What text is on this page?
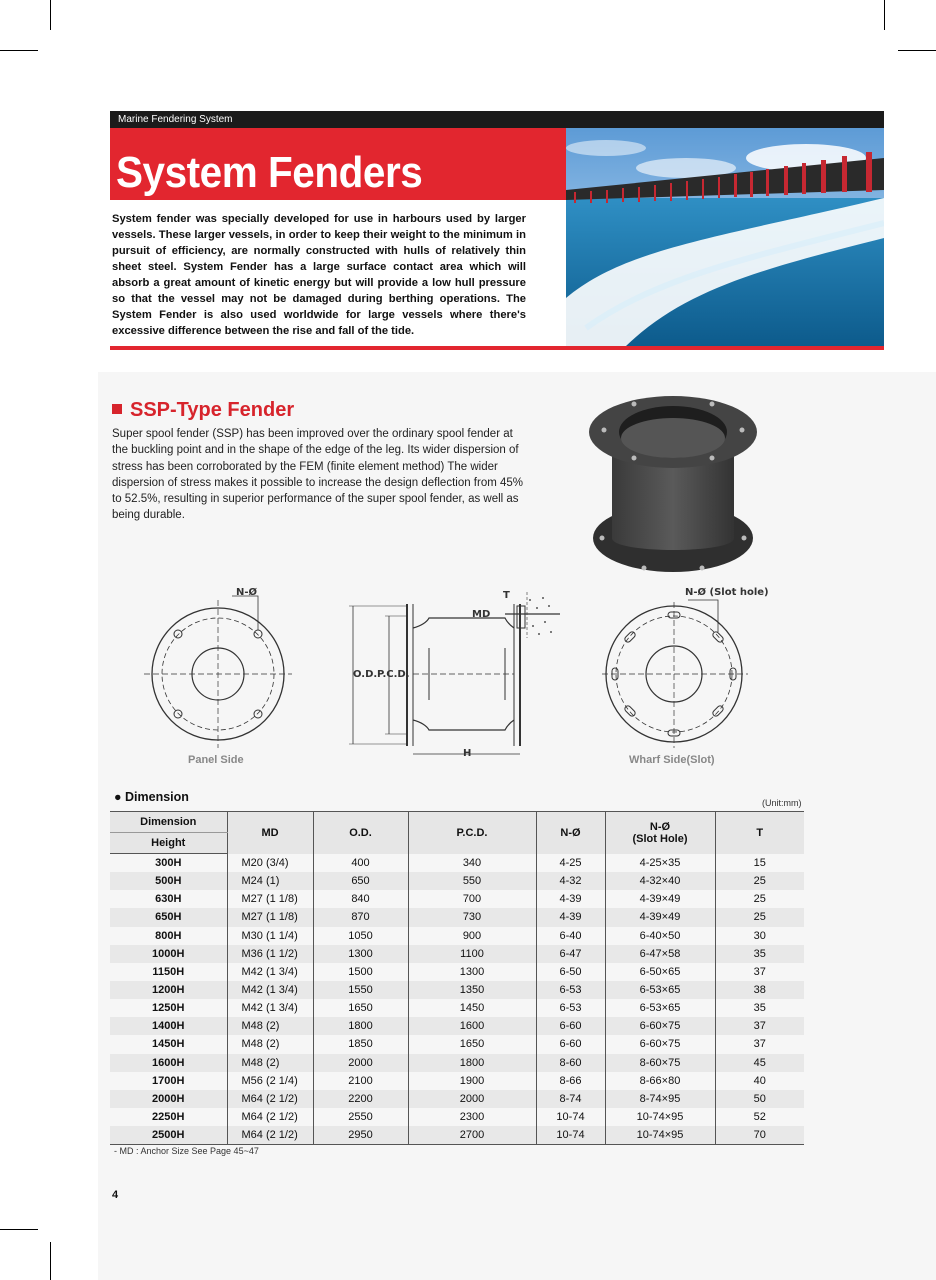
Marine Fendering System
System Fenders
System fender was specially developed for use in harbours used by larger vessels. These larger vessels, in order to keep their weight to the minimum in pursuit of efficiency, are normally constructed with hulls of relatively thin sheet steel. System Fender has a large surface contact area which will absorb a great amount of kinetic energy but will provide a low hull pressure so that the vessel may not be damaged during berthing operations. The System Fender is also used worldwide for large vessels where there's excessive difference between the rise and fall of the tide.
SSP-Type Fender
Super spool fender (SSP) has been improved over the ordinary spool fender at the buckling point and in the shape of the edge of the leg. Its wider dispersion of stress has been corroborated by the FEM (finite element method) The wider dispersion of stress makes it possible to increase the design deflection from 45% to 52.5%, resulting in superior performance of the super spool fender, as well as being durable.
N-Ø
Panel Side
T
MD
O.D. P.C.D.
H
N-Ø (Slot hole)
Wharf Side(Slot)
● Dimension	(Unit:mm)
Dimension	MD	O.D.	P.C.D.	N-Ø	N-Ø
(Slot Hole)	T
Height						
300H	M20 (3/4)	400	340	4-25	4-25×35	15
500H	M24 (1)	650	550	4-32	4-32×40	25
630H	M27 (1 1/8)	840	700	4-39	4-39×49	25
650H	M27 (1 1/8)	870	730	4-39	4-39×49	25
800H	M30 (1 1/4)	1050	900	6-40	6-40×50	30
1000H	M36 (1 1/2)	1300	1100	6-47	6-47×58	35
1150H	M42 (1 3/4)	1500	1300	6-50	6-50×65	37
1200H	M42 (1 3/4)	1550	1350	6-53	6-53×65	38
1250H	M42 (1 3/4)	1650	1450	6-53	6-53×65	35
1400H	M48 (2)	1800	1600	6-60	6-60×75	37
1450H	M48 (2)	1850	1650	6-60	6-60×75	37
1600H	M48 (2)	2000	1800	8-60	8-60×75	45
1700H	M56 (2 1/4)	2100	1900	8-66	8-66×80	40
2000H	M64 (2 1/2)	2200	2000	8-74	8-74×95	50
2250H	M64 (2 1/2)	2550	2300	10-74	10-74×95	52
2500H	M64 (2 1/2)	2950	2700	10-74	10-74×95	70
- MD : Anchor Size See Page 45~47
4
